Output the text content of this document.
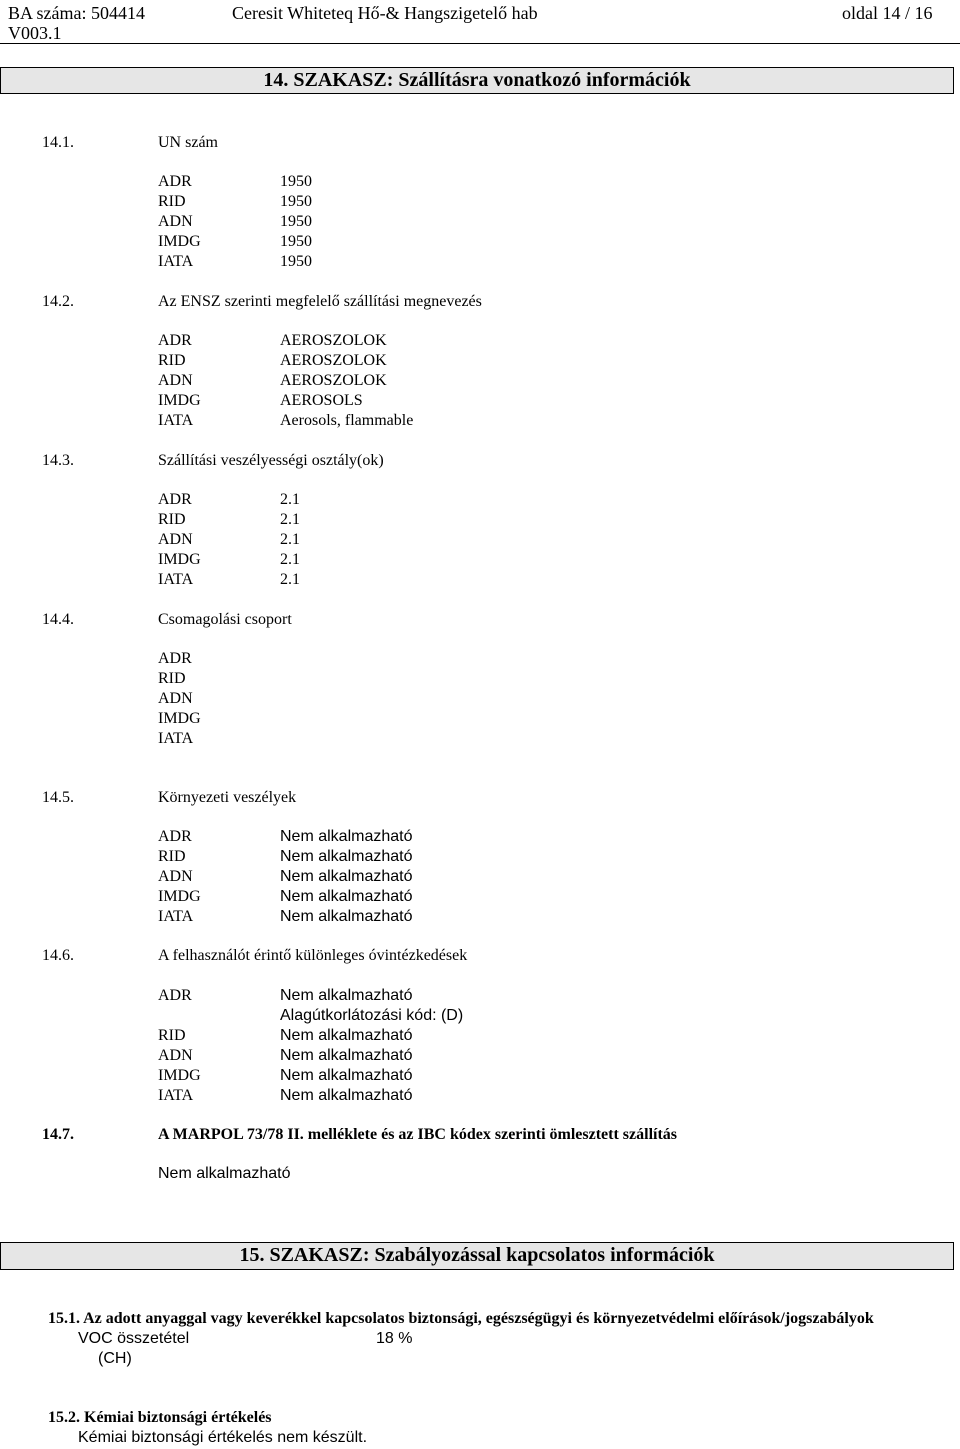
BA száma: 504414
V003.1
Ceresit Whiteteq Hő-& Hangszigetelő hab	oldal 14 / 16
14. SZAKASZ: Szállításra vonatkozó információk
14.1.	UN szám
ADR	1950
RID	1950
ADN	1950
IMDG	1950
IATA	1950
14.2.	Az ENSZ szerinti megfelelő szállítási megnevezés
ADR	AEROSZOLOK
RID	AEROSZOLOK
ADN	AEROSZOLOK
IMDG	AEROSOLS
IATA	Aerosols, flammable
14.3.	Szállítási veszélyességi osztály(ok)
ADR	2.1
RID	2.1
ADN	2.1
IMDG	2.1
IATA	2.1
14.4.	Csomagolási csoport
ADR
RID
ADN
IMDG
IATA
14.5.	Környezeti veszélyek
ADR	Nem alkalmazható
RID	Nem alkalmazható
ADN	Nem alkalmazható
IMDG	Nem alkalmazható
IATA	Nem alkalmazható
14.6.	A felhasználót érintő különleges óvintézkedések
ADR	Nem alkalmazható
Alagútkorlátozási kód: (D)
RID	Nem alkalmazható
ADN	Nem alkalmazható
IMDG	Nem alkalmazható
IATA	Nem alkalmazható
14.7.	A MARPOL 73/78 II. melléklete és az IBC kódex szerinti ömlesztett szállítás
Nem alkalmazható
15. SZAKASZ: Szabályozással kapcsolatos információk
15.1. Az adott anyaggal vagy keverékkel kapcsolatos biztonsági, egészségügyi és környezetvédelmi előírások/jogszabályok
VOC összetétel	18 %
(CH)
15.2. Kémiai biztonsági értékelés
Kémiai biztonsági értékelés nem készült.
